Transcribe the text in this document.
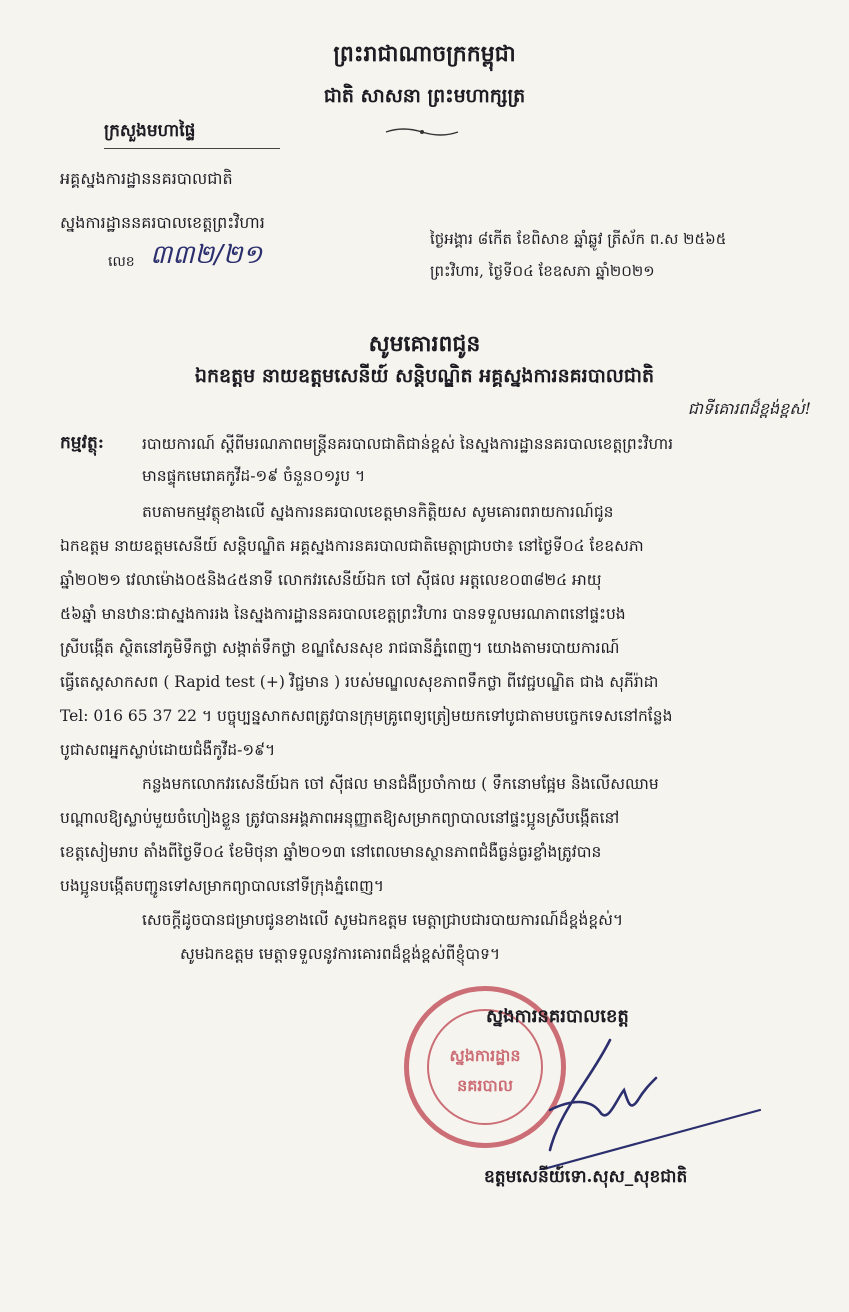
ព្រះរាជាណាចក្រកម្ពុជា
ជាតិ សាសនា ព្រះមហាក្សត្រ
ក្រសួងមហាផ្ទៃ
អគ្គស្នងការដ្ឋាននគរបាលជាតិ
ស្នងការដ្ឋាននគរបាលខេត្តព្រះវិហារ
លេខ ៣៣២/២១
ថ្ងៃអង្គារ ៨កេីត ខែពិសាខ ឆ្នាំឆ្លូវ ត្រីស័ក ព.ស ២៥៦៥
ព្រះវិហារ, ថ្ងៃទី០៤ ខែឧសភា ឆ្នាំ២០២១
សូមគោរពជូន
ឯកឧត្តម នាយឧត្តមសេនីយ៍ សន្តិបណ្ឌិត អគ្គស្នងការនគរបាលជាតិ
ជាទីគោរពដ៏ខ្ពង់ខ្ពស់!
កម្មវត្ថុ: របាយការណ៍ ស្តីពីមរណភាពមន្ត្រីនគរបាលជាតិជាន់ខ្ពស់ នៃស្នងការដ្ឋាននគរបាលខេត្តព្រះវិហារ
មានផ្ទុកមេរោគកូវីដ-១៩ ចំនួន០១រូប ។
តបតាមកម្មវត្ថុខាងលើ ស្នងការនគរបាលខេត្តមានកិត្តិយស សូមគោរពរាយការណ៍ជូន
ឯកឧត្តម នាយឧត្តមសេនីយ៍ សន្តិបណ្ឌិត អគ្គស្នងការនគរបាលជាតិមេត្តាជ្រាបថា៖ នៅថ្ងៃទី០៤ ខែឧសភា
ឆ្នាំ២០២១ វេលាម៉ោង០៥និង៤៥នាទី លោកវរសេនីយ៍ឯក ចៅ ស៊ីផល អត្តលេខ០៣៨២៤ អាយុ
៥៦ឆ្នាំ មានឋានៈជាស្នងការរង នៃស្នងការដ្ឋាននគរបាលខេត្តព្រះវិហារ បានទទួលមរណភាពនៅផ្ទះបង
ស្រីបង្កើត ស្ថិតនៅភូមិទឹកថ្លា សង្កាត់ទឹកថ្លា ខណ្ឌសែនសុខ រាជធានីភ្នំពេញ។ យោងតាមរបាយការណ៍
ធ្វើតេស្តសាកសព ( Rapid test (+) វិជ្ជមាន ) របស់មណ្ឌលសុខភាពទឹកថ្លា ពីវេជ្ជបណ្ឌិត ជាង សុភីរ៉ាដា
Tel: 016 65 37 22 ។ បច្ចុប្បន្នសាកសពត្រូវបានក្រុមគ្រូពេទ្យត្រៀមយកទៅបូជាតាមបច្ចេកទេសនៅកន្លែង
បូជាសពអ្នកស្លាប់ដោយជំងឺកូវីដ-១៩។
កន្លងមកលោកវរសេនីយ៍ឯក ចៅ ស៊ីផល មានជំងឺប្រចាំកាយ ( ទឹកនោមផ្អែម និងលើសឈាម
បណ្តាលឱ្យស្លាប់មួយចំហៀងខ្លួន ត្រូវបានអង្គភាពអនុញ្ញាតឱ្យសម្រាកព្យាបាលនៅផ្ទះប្អូនស្រីបង្កើតនៅ
ខេត្តសៀមរាប តាំងពីថ្ងៃទី០៤ ខែមិថុនា ឆ្នាំ២០១៣ នៅពេលមានស្ថានភាពជំងឺធ្ងន់ធ្ងរខ្លាំងត្រូវបាន
បងប្អូនបង្កើតបញ្ជូនទៅសម្រាកព្យាបាលនៅទីក្រុងភ្នំពេញ។
សេចក្តីដូចបានជម្រាបជូនខាងលើ សូមឯកឧត្តម មេត្តាជ្រាបជារបាយការណ៍ដ៏ខ្ពង់ខ្ពស់។
សូមឯកឧត្តម មេត្តាទទួលនូវការគោរពដ៏ខ្ពង់ខ្ពស់ពីខ្ញុំបាទ។
ស្នងការដ្ឋាន
នគរបាល
ស្នងការនគរបាលខេត្ត
ឧត្តមសេនីយ៍ទោ.សុស_សុខជាតិ
